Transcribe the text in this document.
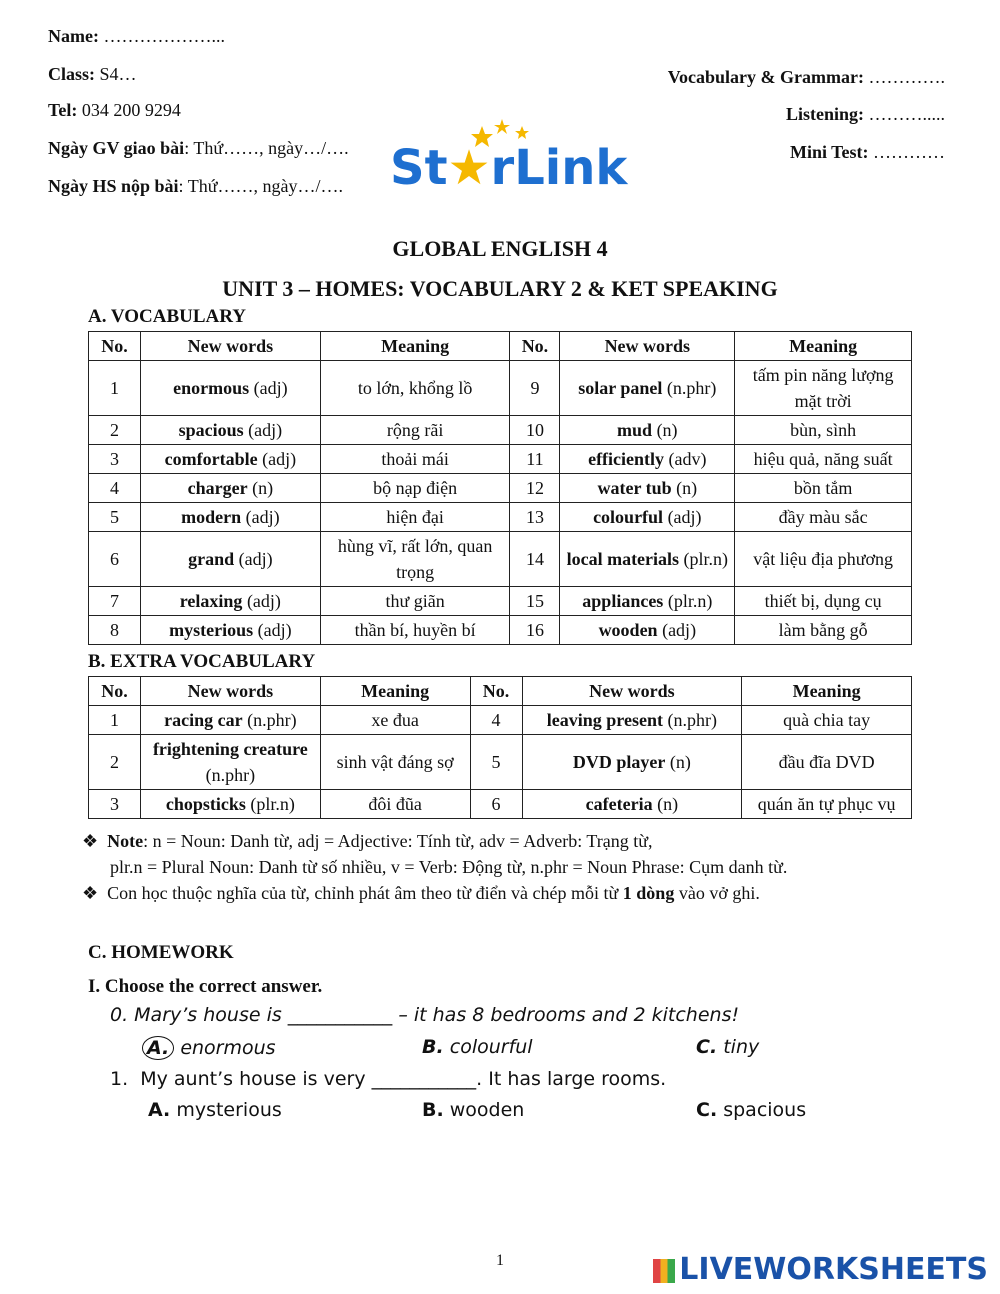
Name: ………………...
Class: S4…
Tel: 034 200 9294
Ngày GV giao bài: Thứ……, ngày…/….
Ngày HS nộp bài: Thứ……, ngày…/….
Vocabulary & Grammar: ………….
Listening: ……….....
Mini Test: …………
St★rLink
GLOBAL ENGLISH 4
UNIT 3 – HOMES: VOCABULARY 2 & KET SPEAKING
A. VOCABULARY
No.	New words	Meaning	No.	New words	Meaning
1	enormous (adj)	to lớn, khổng lồ	9	solar panel (n.phr)	tấm pin năng lượng mặt trời
2	spacious (adj)	rộng rãi	10	mud (n)	bùn, sình
3	comfortable (adj)	thoải mái	11	efficiently (adv)	hiệu quả, năng suất
4	charger (n)	bộ nạp điện	12	water tub (n)	bồn tắm
5	modern (adj)	hiện đại	13	colourful (adj)	đầy màu sắc
6	grand (adj)	hùng vĩ, rất lớn, quan trọng	14	local materials (plr.n)	vật liệu địa phương
7	relaxing (adj)	thư giãn	15	appliances (plr.n)	thiết bị, dụng cụ
8	mysterious (adj)	thần bí, huyền bí	16	wooden (adj)	làm bằng gỗ
B. EXTRA VOCABULARY
No.	New words	Meaning	No.	New words	Meaning
1	racing car (n.phr)	xe đua	4	leaving present (n.phr)	quà chia tay
2	frightening creature (n.phr)	sinh vật đáng sợ	5	DVD player (n)	đầu đĩa DVD
3	chopsticks (plr.n)	đôi đũa	6	cafeteria (n)	quán ăn tự phục vụ
❖ Note: n = Noun: Danh từ, adj = Adjective: Tính từ, adv = Adverb: Trạng từ,
plr.n = Plural Noun: Danh từ số nhiều, v = Verb: Động từ, n.phr = Noun Phrase: Cụm danh từ.
❖ Con học thuộc nghĩa của từ, chỉnh phát âm theo từ điển và chép mỗi từ 1 dòng vào vở ghi.
C. HOMEWORK
I. Choose the correct answer.
0. Mary’s house is ___________ – it has 8 bedrooms and 2 kitchens!
A. enormous	B. colourful	C. tiny
1. My aunt’s house is very ___________. It has large rooms.
A. mysterious	B. wooden	C. spacious
1	LIVEWORKSHEETS
